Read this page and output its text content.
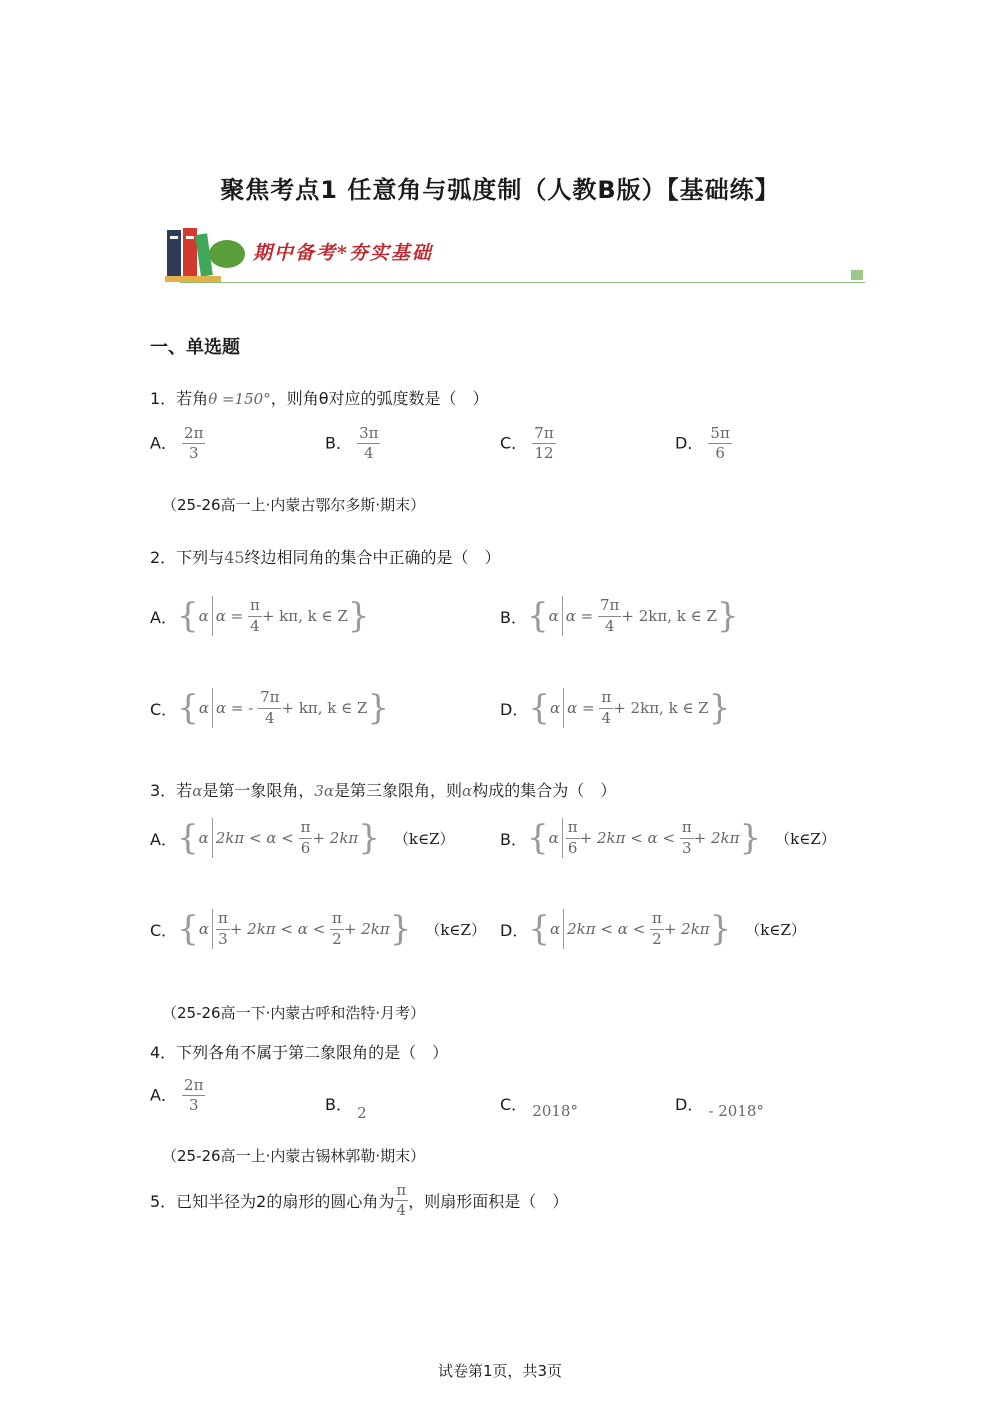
聚焦考点1 任意角与弧度制（人教B版）【基础练】
期中备考*夯实基础
一、单选题
1．若角θ =150°，则角θ对应的弧度数是（　）
A． $\frac{2\pi}{3}$	B． $\frac{3\pi}{4}$	C． $\frac{7\pi}{12}$	D． $\frac{5\pi}{6}$
（25-26高一上·内蒙古鄂尔多斯·期末）
2．下列与45终边相同角的集合中正确的是（　）
A． { α α =
$\frac{\pi}{4} + k\pi$, k ∈ Z }	B． { α α =
$\frac{7\pi}{4} + 2k\pi$, k ∈ Z }
C． { α α =
-
$\frac{7\pi}{4} + k\pi$, k ∈ Z }	D． { α α =
$\frac{\pi}{4} + 2k\pi$, k ∈ Z }
3．若α是第一象限角，3α是第三象限角，则α构成的集合为（　）
A． { α 2kπ < α <
$\frac{\pi}{6} + 2k\pi$ } （k∈Z）	B． { α $\frac{\pi}{6} + 2k\pi < \alpha$ <
$\frac{\pi}{3} + 2k\pi$ } （k∈Z）
C． { α $\frac{\pi}{3} + 2k\pi < \alpha$ <
$\frac{\pi}{2} + 2k\pi$ } （k∈Z） D． { α 2kπ < α <
$\frac{\pi}{2} + 2k\pi$ } （k∈Z）
（25-26高一下·内蒙古呼和浩特·月考）
4．下列各角不属于第二象限角的是（　）
A． $\frac{2\pi}{3}$	B． 2	C． 2018°	D． - 2018°
（25-26高一上·内蒙古锡林郭勒·期末）
5．已知半径为2的扇形的圆心角为 $\frac{\pi}{4}$ ，则扇形面积是（　）
试卷第1页，共3页
